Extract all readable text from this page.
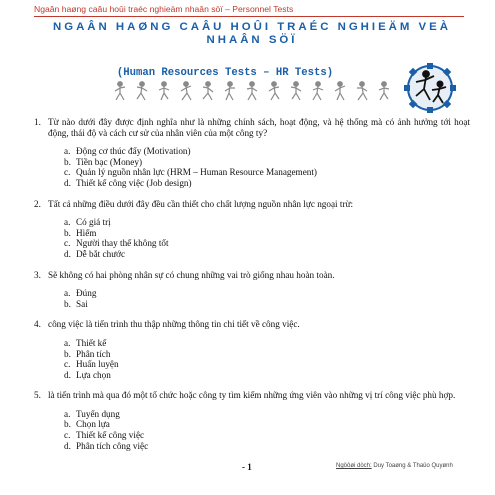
Ngaân haøng caâu hoûi traéc nghieäm nhaân söï – Personnel Tests
NGAÂN HAØNG CAÂU HOÛI TRAÉC NGHIEÄM VEÀ
NHAÂN SÖÏ
(Human Resources Tests – HR Tests)
1. Từ nào dưới đây được định nghĩa như là những chính sách, hoạt động, và hệ thống mà có ảnh hưởng tới hoạt động, thái độ và cách cư sử của nhân viên của một công ty?
a. Động cơ thúc đẩy (Motivation)
b. Tiền bạc (Money)
c. Quản lý nguồn nhân lực (HRM – Human Resource Management)
d. Thiết kế công việc (Job design)
2. Tất cả những điều dưới đây đều cần thiết cho chất lượng nguồn nhân lực ngoại trừ:
a. Có giá trị
b. Hiếm
c. Người thay thế không tốt
d. Dễ bắt chước
3. Sẽ không có hai phòng nhân sự có chung những vai trò giống nhau hoàn toàn.
a. Đúng
b. Sai
4. công việc là tiến trình thu thập những thông tin chi tiết về công việc.
a. Thiết kế
b. Phân tích
c. Huấn luyện
d. Lựa chọn
5. là tiến trình mà qua đó một tổ chức hoặc công ty tìm kiếm những ứng viên vào những vị trí công việc phù hợp.
a. Tuyển dụng
b. Chọn lựa
c. Thiết kế công việc
d. Phân tích công việc
- 1	Ngöôøi dòch: Duy Toaøng & Thaûo Quyønh
